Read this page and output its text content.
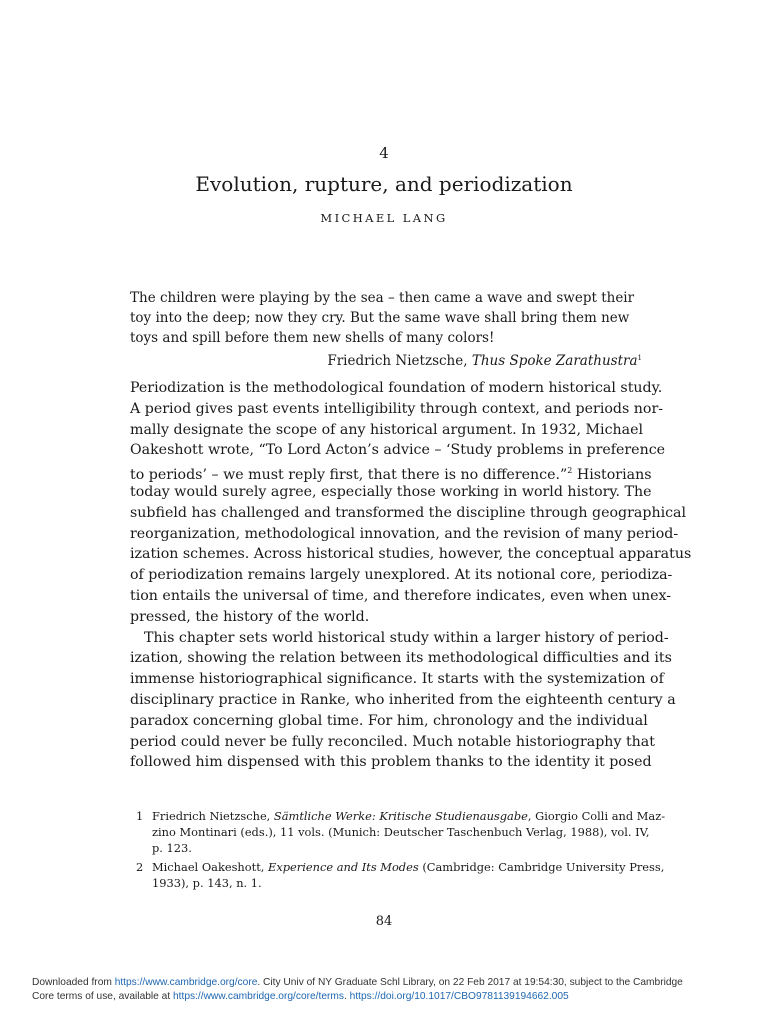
4
Evolution, rupture, and periodization
MICHAEL LANG
The children were playing by the sea – then came a wave and swept their
toy into the deep; now they cry. But the same wave shall bring them new
toys and spill before them new shells of many colors!
Friedrich Nietzsche, Thus Spoke Zarathustra$^1$
Periodization is the methodological foundation of modern historical study.
A period gives past events intelligibility through context, and periods nor-
mally designate the scope of any historical argument. In 1932, Michael
Oakeshott wrote, “To Lord Acton’s advice – ‘Study problems in preference
to periods’ – we must reply first, that there is no difference.”$^2$ Historians
today would surely agree, especially those working in world history. The
subfield has challenged and transformed the discipline through geographical
reorganization, methodological innovation, and the revision of many period-
ization schemes. Across historical studies, however, the conceptual apparatus
of periodization remains largely unexplored. At its notional core, periodiza-
tion entails the universal of time, and therefore indicates, even when unex-
pressed, the history of the world.
This chapter sets world historical study within a larger history of period-
ization, showing the relation between its methodological difficulties and its
immense historiographical significance. It starts with the systemization of
disciplinary practice in Ranke, who inherited from the eighteenth century a
paradox concerning global time. For him, chronology and the individual
period could never be fully reconciled. Much notable historiography that
followed him dispensed with this problem thanks to the identity it posed
1 Friedrich Nietzsche, Sämtliche Werke: Kritische Studienausgabe, Giorgio Colli and Maz-
zino Montinari (eds.), 11 vols. (Munich: Deutscher Taschenbuch Verlag, 1988), vol. IV,
p. 123.
2 Michael Oakeshott, Experience and Its Modes (Cambridge: Cambridge University Press,
1933), p. 143, n. 1.
84
Downloaded from https://www.cambridge.org/core. City Univ of NY Graduate Schl Library, on 22 Feb 2017 at 19:54:30, subject to the Cambridge
Core terms of use, available at https://www.cambridge.org/core/terms. https://doi.org/10.1017/CBO9781139194662.005
